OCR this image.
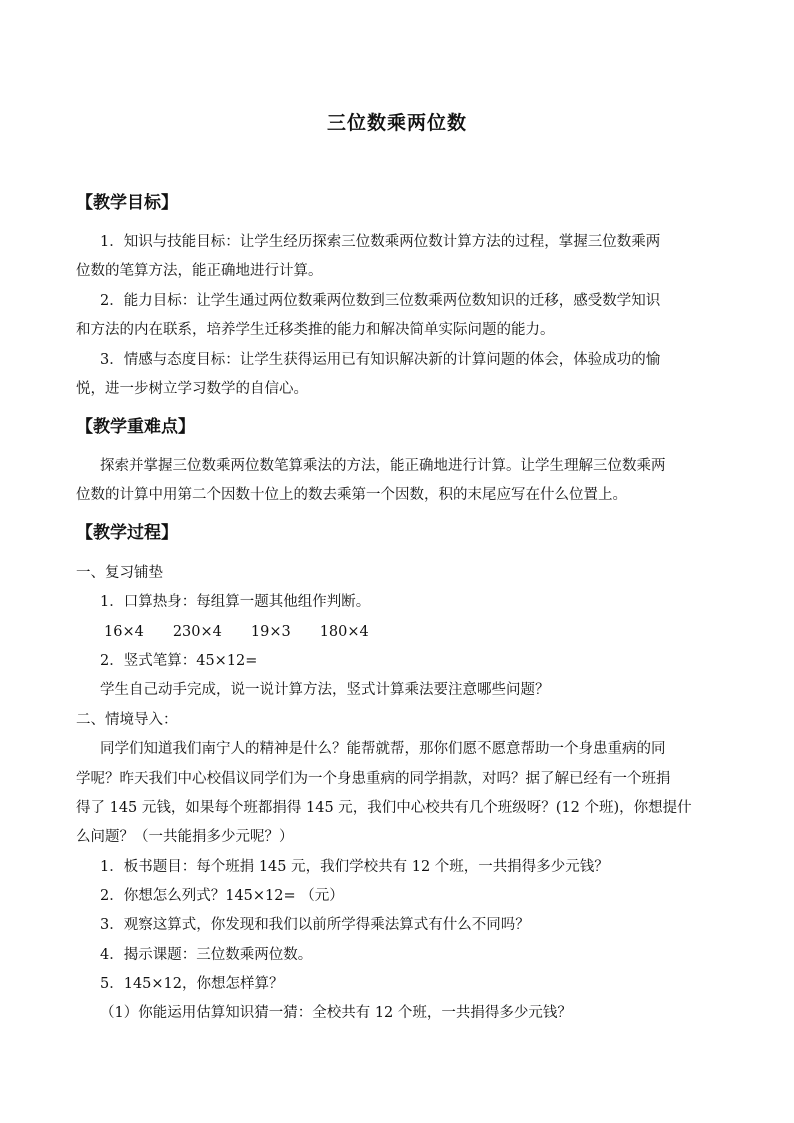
三位数乘两位数
【教学目标】
1．知识与技能目标：让学生经历探索三位数乘两位数计算方法的过程，掌握三位数乘两
位数的笔算方法，能正确地进行计算。
2．能力目标：让学生通过两位数乘两位数到三位数乘两位数知识的迁移，感受数学知识
和方法的内在联系，培养学生迁移类推的能力和解决简单实际问题的能力。
3．情感与态度目标：让学生获得运用已有知识解决新的计算问题的体会，体验成功的愉
悦，进一步树立学习数学的自信心。
【教学重难点】
探索并掌握三位数乘两位数笔算乘法的方法，能正确地进行计算。让学生理解三位数乘两
位数的计算中用第二个因数十位上的数去乘第一个因数，积的末尾应写在什么位置上。
【教学过程】
一、复习铺垫
1．口算热身：每组算一题其他组作判断。
16×4　　230×4　　19×3　　180×4
2．竖式笔算：45×12=
学生自己动手完成，说一说计算方法，竖式计算乘法要注意哪些问题？
二、情境导入：
同学们知道我们南宁人的精神是什么？能帮就帮，那你们愿不愿意帮助一个身患重病的同
学呢？昨天我们中心校倡议同学们为一个身患重病的同学捐款，对吗？据了解已经有一个班捐
得了 145 元钱，如果每个班都捐得 145 元，我们中心校共有几个班级呀？(12 个班)，你想提什
么问题？（一共能捐多少元呢？）
1．板书题目：每个班捐 145 元，我们学校共有 12 个班，一共捐得多少元钱？
2．你想怎么列式？145×12= （元）
3．观察这算式，你发现和我们以前所学得乘法算式有什么不同吗？
4．揭示课题：三位数乘两位数。
5．145×12，你想怎样算？
（1）你能运用估算知识猜一猜：全校共有 12 个班，一共捐得多少元钱？
